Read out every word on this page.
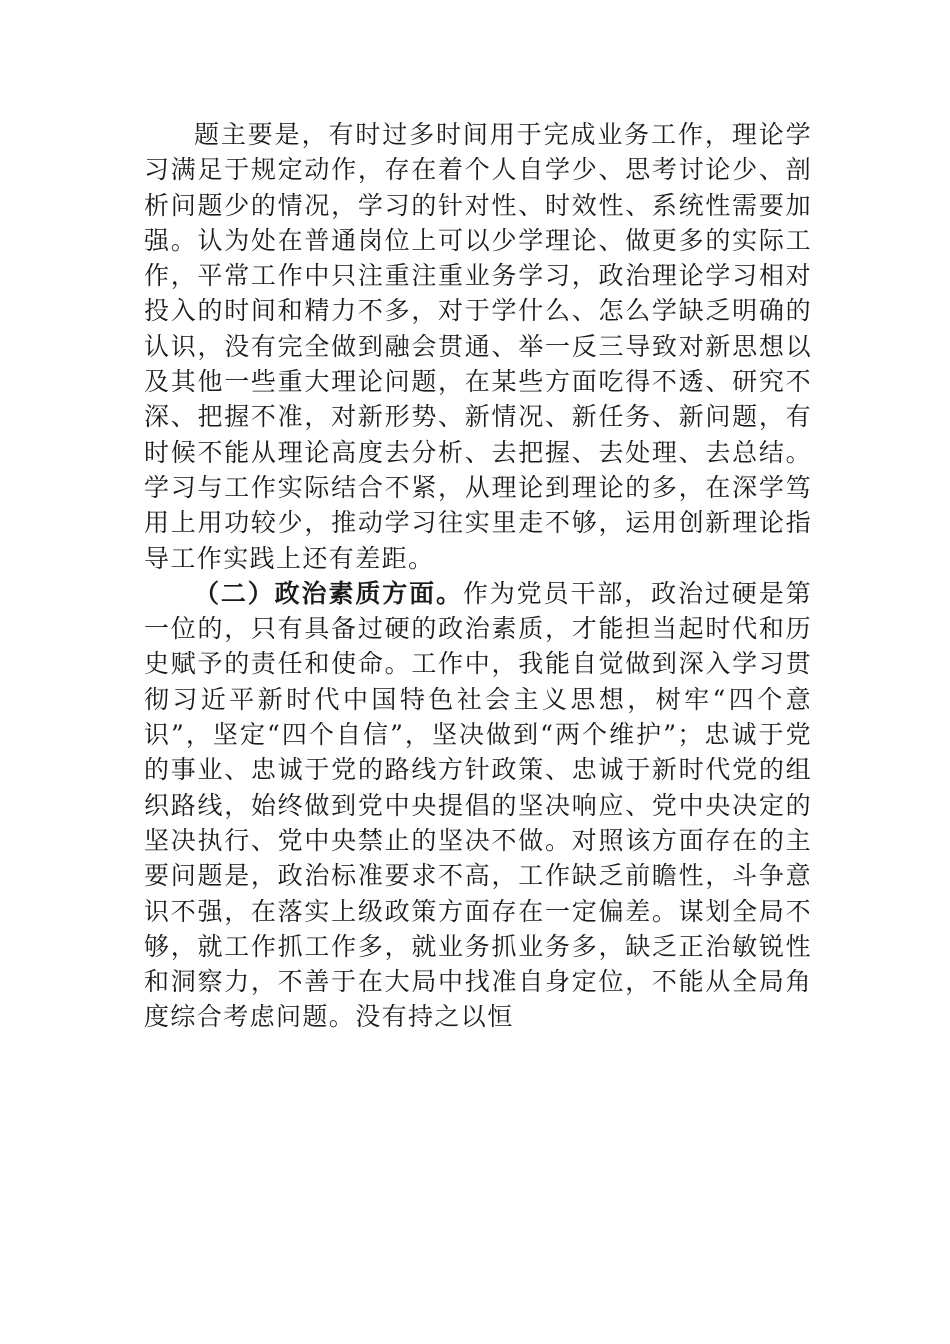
题主要是，有时过多时间用于完成业务工作，理论学习满足于规定动作，存在着个人自学少、思考讨论少、剖析问题少的情况，学习的针对性、时效性、系统性需要加强。认为处在普通岗位上可以少学理论、做更多的实际工作，平常工作中只注重注重业务学习，政治理论学习相对投入的时间和精力不多，对于学什么、怎么学缺乏明确的认识，没有完全做到融会贯通、举一反三导致对新思想以及其他一些重大理论问题，在某些方面吃得不透、研究不深、把握不准，对新形势、新情况、新任务、新问题，有时候不能从理论高度去分析、去把握、去处理、去总结。学习与工作实际结合不紧，从理论到理论的多，在深学笃用上用功较少，推动学习往实里走不够，运用创新理论指导工作实践上还有差距。

（二）政治素质方面。作为党员干部，政治过硬是第一位的，只有具备过硬的政治素质，才能担当起时代和历史赋予的责任和使命。工作中，我能自觉做到深入学习贯彻习近平新时代中国特色社会主义思想，树牢“四个意识”，坚定“四个自信”，坚决做到“两个维护”；忠诚于党的事业、忠诚于党的路线方针政策、忠诚于新时代党的组织路线，始终做到党中央提倡的坚决响应、党中央决定的坚决执行、党中央禁止的坚决不做。对照该方面存在的主要问题是，政治标准要求不高，工作缺乏前瞻性，斗争意识不强，在落实上级政策方面存在一定偏差。谋划全局不够，就工作抓工作多，就业务抓业务多，缺乏正治敏锐性和洞察力，不善于在大局中找准自身定位，不能从全局角度综合考虑问题。没有持之以恒
